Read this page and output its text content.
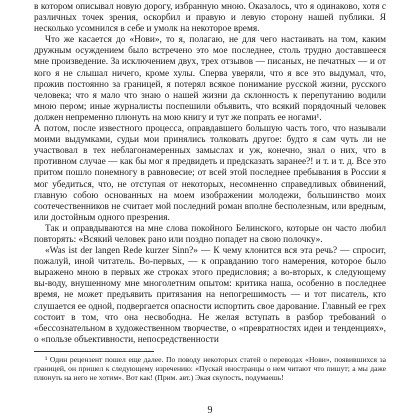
в котором описывал новую дорогу, избранную мною. Оказалось, что я одинаково, хотя с различных точек зрения, оскорбил и правую и левую сторону нашей публики. Я несколько усомнился в себе и умолк на некоторое время.

Что же касается до «Нови», то я, полагаю, не для чего настаивать на том, каким дружным осуждением было встречено это мое последнее, столь трудно доставшееся мне произведение. За исключением двух, трех отзывов — писаных, не печатных — и от кого я не слышал ничего, кроме хулы. Сперва уверяли, что я все это выдумал, что, прожив постоянно за границей, я потерял всякое понимание русской жизни, русского человека; что я мало что знаю о нашей жизни да склонность к перепутанию водили мною пером; иные журналисты поспешили объявить, что всякий порядочный человек должен непременно плюнуть на мою книгу и тут же попрать ее ногами¹.

А потом, после известного процесса, оправдавшего большую часть того, что называли моими выдумками, судьи мои принялись толковать другое: будто я сам чуть ли не участвовал в тех неблагонамеренных замыслах и уж, конечно, знал о них, что в противном случае — как бы мог я предвидеть и предсказать заранее?! и т. и т. д. Все это притом пошло понемногу в равновесие; от всей этой последнее пребывания в России я мог убедиться, что, не отступая от некоторых, несомненно справедливых обвинений, главную собою основанных на моем изображении молодежи, большинство моих соотечественников не считает мой последний роман вполне бесполезным, или вредным, или достойным одного презрения.

Так и оправдываются на мне слова покойного Белинского, которые он часто любил повторять: «Всякий человек рано или поздно попадет на свою полочку».

«Was ist der langen Rede kurzer Sinn?» — К чему клонится вся эта речь? — спросит, пожалуй, иной читатель. Во-первых, — к оправданию того намерения, которое было выражено мною в первых же строках этого предисловия; а во-вторых, к следующему вы-воду, внушенному мне многолетним опытом: критика наша, особенно в последнее время, не может предъявить притязания на непогрешимость — и тот писатель, кто слушается ее одной, подвергается опасности испортить свое дарование. Главный ее грех состоит в том, что она несвободна. Не желая вступать в разбор требований о «бессознательном в художественном творчестве, о «превратностях идеи и тенденциях», о «пользе объективности, непосредственности

¹ Один рецензент пошел еще далее. По поводу некоторых статей о переводах «Нови», появившихся за границей, он пришел к следующему изречению: «Пускай иностранцы о нем читают что пишут; а мы даже плюнуть на него не хотим». Вот как! (Прим. авт.) Экая скупость, подумаешь!

9
